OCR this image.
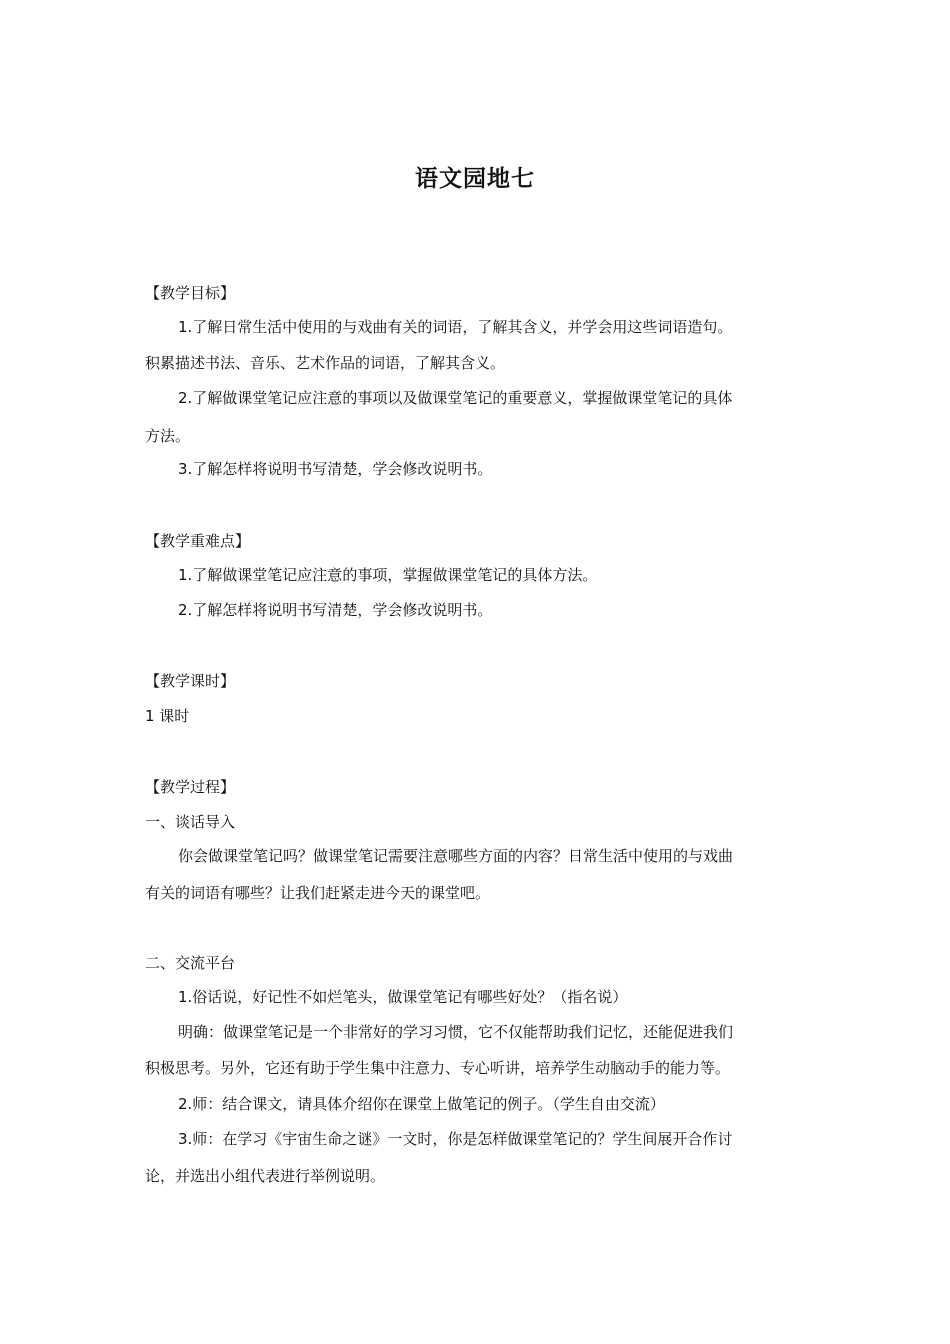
语文园地七
【教学目标】
1.了解日常生活中使用的与戏曲有关的词语，了解其含义，并学会用这些词语造句。
积累描述书法、音乐、艺术作品的词语，了解其含义。
2.了解做课堂笔记应注意的事项以及做课堂笔记的重要意义，掌握做课堂笔记的具体
方法。
3.了解怎样将说明书写清楚，学会修改说明书。
【教学重难点】
1.了解做课堂笔记应注意的事项，掌握做课堂笔记的具体方法。
2.了解怎样将说明书写清楚，学会修改说明书。
【教学课时】
1 课时
【教学过程】
一、谈话导入
你会做课堂笔记吗？做课堂笔记需要注意哪些方面的内容？日常生活中使用的与戏曲
有关的词语有哪些？让我们赶紧走进今天的课堂吧。
二、交流平台
1.俗话说，好记性不如烂笔头，做课堂笔记有哪些好处？（指名说）
明确：做课堂笔记是一个非常好的学习习惯，它不仅能帮助我们记忆，还能促进我们
积极思考。另外，它还有助于学生集中注意力、专心听讲，培养学生动脑动手的能力等。
2.师：结合课文，请具体介绍你在课堂上做笔记的例子。（学生自由交流）
3.师：在学习《宇宙生命之谜》一文时，你是怎样做课堂笔记的？学生间展开合作讨
论，并选出小组代表进行举例说明。
